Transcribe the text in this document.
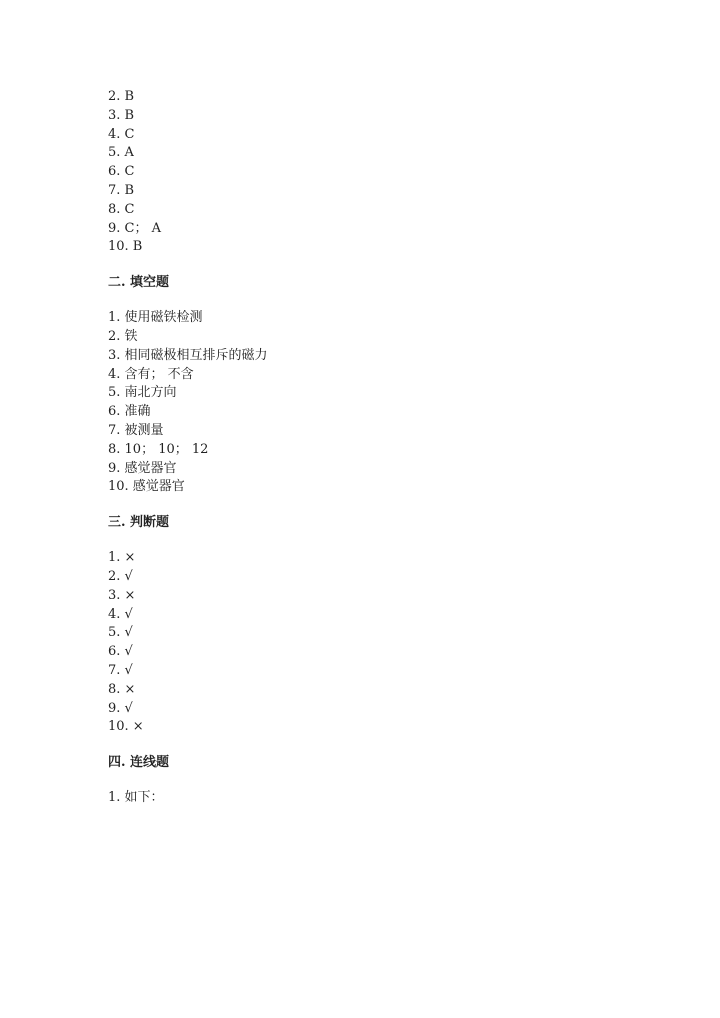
2. B
3. B
4. C
5. A
6. C
7. B
8. C
9. C； A
10. B
二. 填空题
1. 使用磁铁检测
2. 铁
3. 相同磁极相互排斥的磁力
4. 含有； 不含
5. 南北方向
6. 准确
7. 被测量
8. 10； 10； 12
9. 感觉器官
10. 感觉器官
三. 判断题
1. ×
2. √
3. ×
4. √
5. √
6. √
7. √
8. ×
9. √
10. ×
四. 连线题
1. 如下：
